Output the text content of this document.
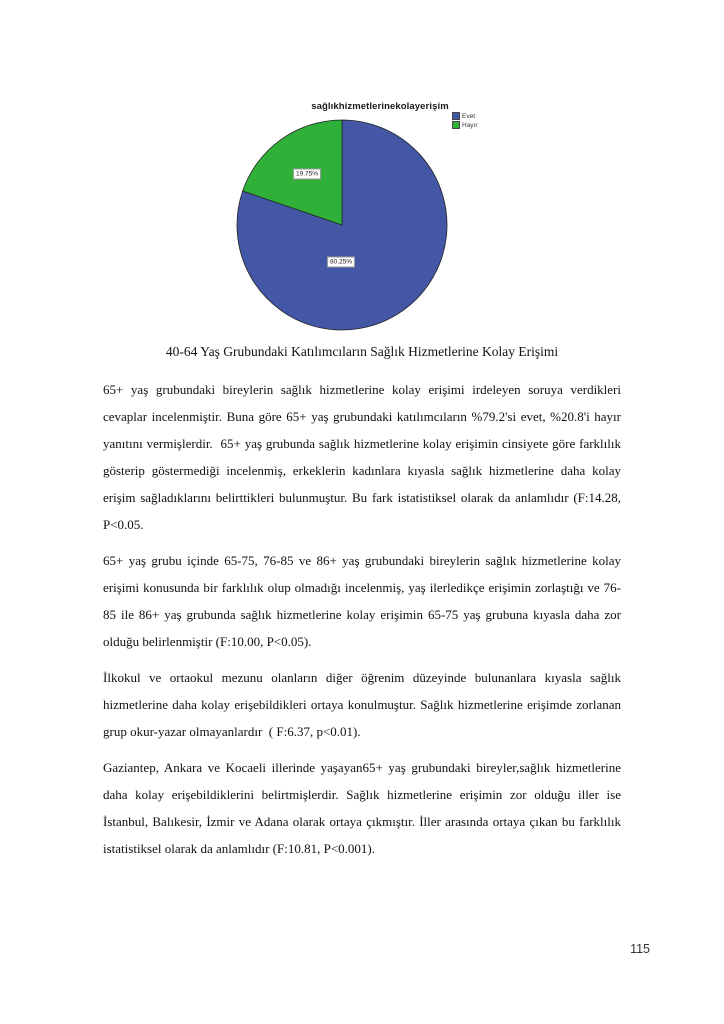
sağlıkhizmetlerinekolayerişim
Evet
Hayır
19.75%
80.25%
40-64 Yaş Grubundaki Katılımcıların Sağlık Hizmetlerine Kolay Erişimi

65+ yaş grubundaki bireylerin sağlık hizmetlerine kolay erişimi irdeleyen soruya verdikleri cevaplar incelenmiştir. Buna göre 65+ yaş grubundaki katılımcıların %79.2'si evet, %20.8'i hayır yanıtını vermişlerdir.  65+ yaş grubunda sağlık hizmetlerine kolay erişimin cinsiyete göre farklılık gösterip göstermediği incelenmiş, erkeklerin kadınlara kıyasla sağlık hizmetlerine daha kolay erişim sağladıklarını belirttikleri bulunmuştur. Bu fark istatistiksel olarak da anlamlıdır (F:14.28, P<0.05.

65+ yaş grubu içinde 65-75, 76-85 ve 86+ yaş grubundaki bireylerin sağlık hizmetlerine kolay erişimi konusunda bir farklılık olup olmadığı incelenmiş, yaş ilerledikçe erişimin zorlaştığı ve 76-85 ile 86+ yaş grubunda sağlık hizmetlerine kolay erişimin 65-75 yaş grubuna kıyasla daha zor olduğu belirlenmiştir (F:10.00, P<0.05).

İlkokul ve ortaokul mezunu olanların diğer öğrenim düzeyinde bulunanlara kıyasla sağlık hizmetlerine daha kolay erişebildikleri ortaya konulmuştur. Sağlık hizmetlerine erişimde zorlanan grup okur-yazar olmayanlardır  ( F:6.37, p<0.01).

Gaziantep, Ankara ve Kocaeli illerinde yaşayan65+ yaş grubundaki bireyler,sağlık hizmetlerine daha kolay erişebildiklerini belirtmişlerdir. Sağlık hizmetlerine erişimin zor olduğu iller ise İstanbul, Balıkesir, İzmir ve Adana olarak ortaya çıkmıştır. İller arasında ortaya çıkan bu farklılık istatistiksel olarak da anlamlıdır (F:10.81, P<0.001).

115
